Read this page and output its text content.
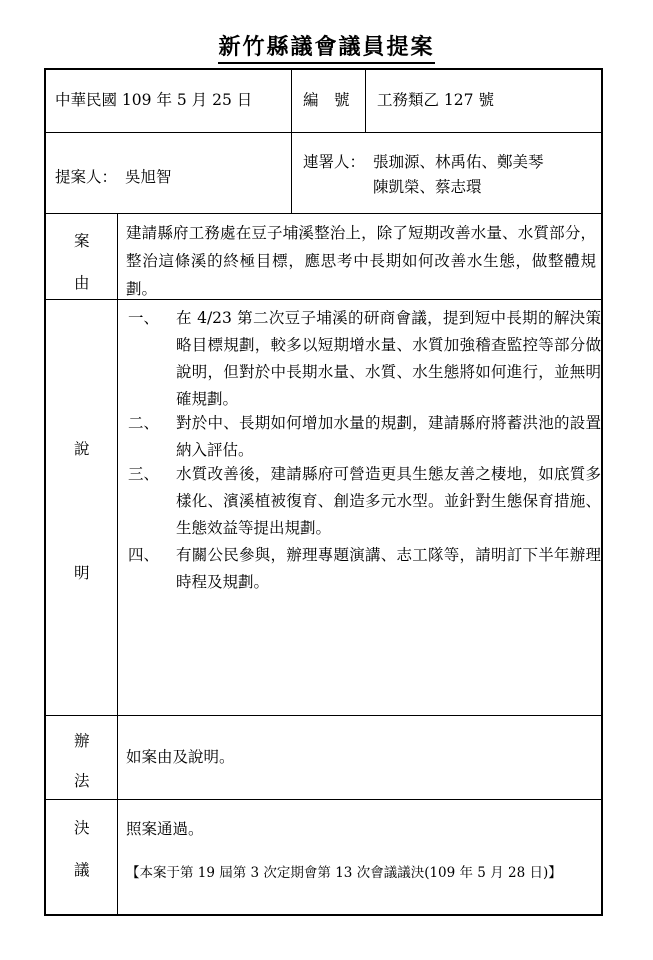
新竹縣議會議員提案
中華民國 109 年 5 月 25 日	編　號 工務類乙 127 號
提案人： 吳旭智
連署人： 張珈源、林禹佑、鄭美琴
陳凱榮、蔡志環
案
由
建請縣府工務處在豆子埔溪整治上，除了短期改善水量、水質部分，整治這條溪的終極目標，應思考中長期如何改善水生態，做整體規劃。
說
明
一、 在 4/23 第二次豆子埔溪的研商會議，提到短中長期的解決策略目標規劃，較多以短期增水量、水質加強稽查監控等部分做說明，但對於中長期水量、水質、水生態將如何進行，並無明確規劃。
二、 對於中、長期如何增加水量的規劃，建請縣府將蓄洪池的設置納入評估。
三、 水質改善後，建請縣府可營造更具生態友善之棲地，如底質多樣化、濱溪植被復育、創造多元水型。並針對生態保育措施、生態效益等提出規劃。
四、 有關公民參與，辦理專題演講、志工隊等，請明訂下半年辦理時程及規劃。
辦
法
如案由及說明。
決
議
照案通過。
【本案于第 19 屆第 3 次定期會第 13 次會議議決(109 年 5 月 28 日)】
